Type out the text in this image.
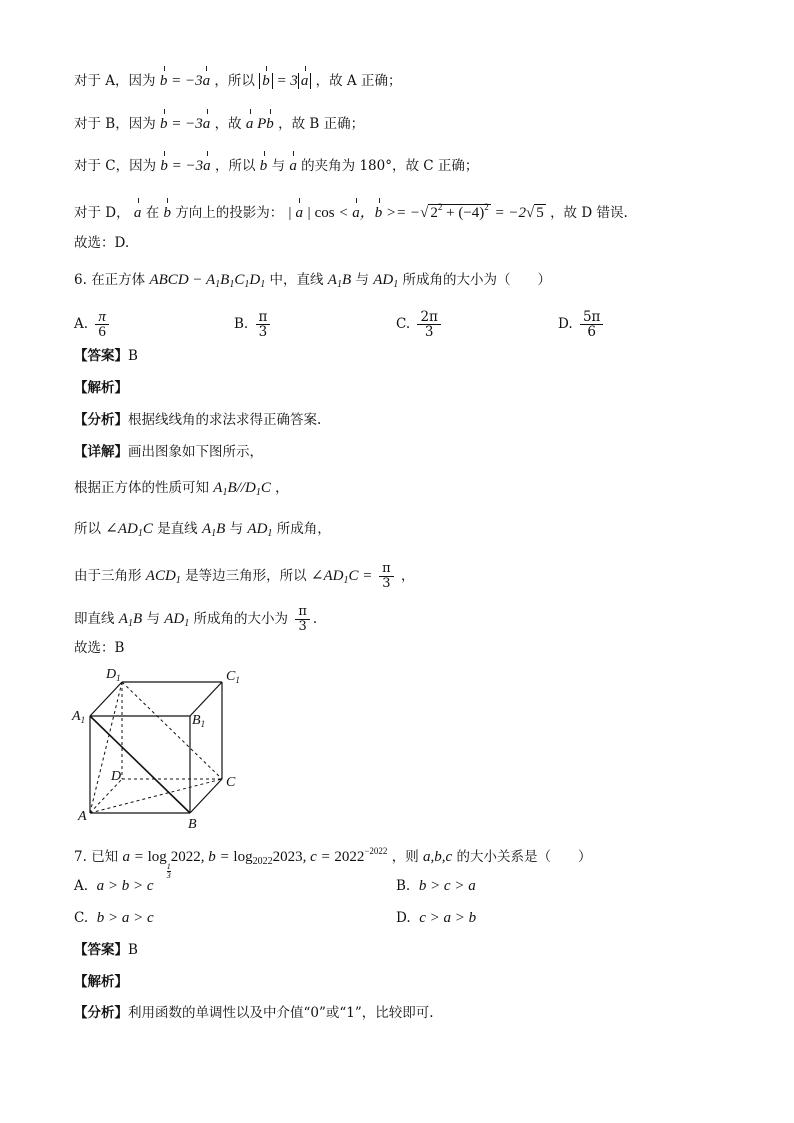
对于 A，因为 b = −3a ，所以 b = 3 a ，故 A 正确；
对于 B，因为 b = −3a ，故 a Pb ，故 B 正确；
对于 C，因为 b = −3a ，所以 b 与 a 的夹角为 180°，故 C 正确；
对于 D， a 在 b 方向上的投影为： | a | cos < a，b >= −√ $2^2 + (-4)^2 = -2√$ 5 ，故 D 错误.
故选：D.
6. 在正方体 ABCD − $A_1B_1C_1D_1$ 中，直线 $A_1B$ 与 $AD_1$ 所成角的大小为（　　）
A. $\frac{\pi}{6}$	B. $\frac{\pi}{3}$	C. $\frac{2\pi}{3}$	D. $\frac{5\pi}{6}$
【答案】B
【解析】
【分析】根据线线角的求法求得正确答案.
【详解】画出图象如下图所示，
根据正方体的性质可知 $A_1B//D_1C$ ，
所以 $\angle AD_1C$ 是直线 $A_1B$ 与 $AD_1$ 所成角，
由于三角形 $ACD_1$ 是等边三角形，所以 $\angle AD_1C = \frac{\pi}{3}$ ，
即直线 $A_1B$ 与 $AD_1$ 所成角的大小为 $\frac{\pi}{3}$ .
故选：B
$D_1$	$C_1$
$A_1$	$B_1$
D	C
A
B
7. 已知 a = log
$_{\frac{1}{3}}$
2022, $b = \log_{2022}2023$, $c = 2022^{-2022}$ ，则 a,b,c 的大小关系是（　　）
A. a > b > c	B. b > c > a
C. b > a > c	D. c > a > b
【答案】B
【解析】
【分析】利用函数的单调性以及中介值“0”或“1”，比较即可.
